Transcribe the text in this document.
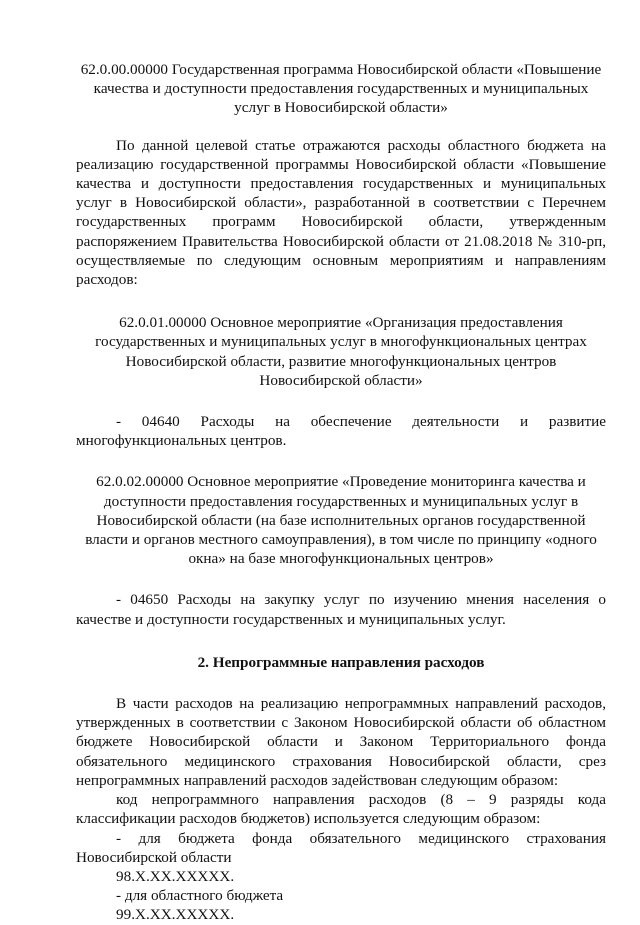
62.0.00.00000 Государственная программа Новосибирской области «Повышение качества и доступности предоставления государственных и муниципальных услуг в Новосибирской области»

По данной целевой статье отражаются расходы областного бюджета на реализацию государственной программы Новосибирской области «Повышение качества и доступности предоставления государственных и муниципальных услуг в Новосибирской области», разработанной в соответствии с Перечнем государственных программ Новосибирской области, утвержденным распоряжением Правительства Новосибирской области от 21.08.2018 № 310-рп, осуществляемые по следующим основным мероприятиям и направлениям расходов:

62.0.01.00000 Основное мероприятие «Организация предоставления государственных и муниципальных услуг в многофункциональных центрах Новосибирской области, развитие многофункциональных центров Новосибирской области»

- 04640 Расходы на обеспечение деятельности и развитие многофункциональных центров.

62.0.02.00000 Основное мероприятие «Проведение мониторинга качества и доступности предоставления государственных и муниципальных услуг в Новосибирской области (на базе исполнительных органов государственной власти и органов местного самоуправления), в том числе по принципу «одного окна» на базе многофункциональных центров»

- 04650 Расходы на закупку услуг по изучению мнения населения о качестве и доступности государственных и муниципальных услуг.

2. Непрограммные направления расходов

В части расходов на реализацию непрограммных направлений расходов, утвержденных в соответствии с Законом Новосибирской области об областном бюджете Новосибирской области и Законом Территориального фонда обязательного медицинского страхования Новосибирской области, срез непрограммных направлений расходов задействован следующим образом:

код непрограммного направления расходов (8 – 9 разряды кода классификации расходов бюджетов) используется следующим образом:

- для бюджета фонда обязательного медицинского страхования Новосибирской области

98.Х.ХХ.ХХХХХ.

- для областного бюджета

99.Х.ХХ.ХХХХХ.
